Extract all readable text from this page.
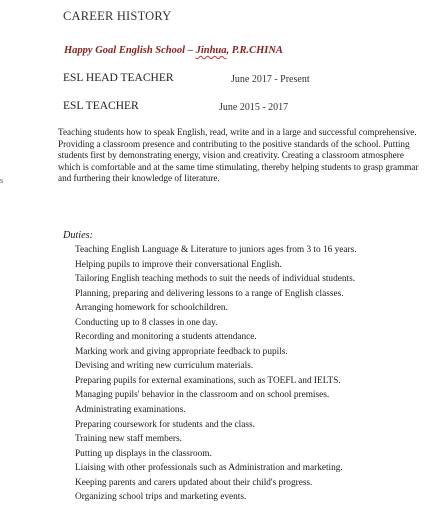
CAREER HISTORY
Happy Goal English School – Jinhua, P.R.CHINA
ESL HEAD TEACHER	June 2017 - Present
ESL TEACHER	June 2015 - 2017
s
Teaching students how to speak English, read, write and in a large and successful comprehensive. Providing a classroom presence and contributing to the positive standards of the school. Putting students first by demonstrating energy, vision and creativity. Creating a classroom atmosphere which is comfortable and at the same time stimulating, thereby helping students to grasp grammar and furthering their knowledge of literature.
Duties:
Teaching English Language & Literature to juniors ages from 3 to 16 years.
Helping pupils to improve their conversational English.
Tailoring English teaching methods to suit the needs of individual students.
Planning, preparing and delivering lessons to a range of English classes.
Arranging homework for schoolchildren.
Conducting up to 8 classes in one day.
Recording and monitoring a students attendance.
Marking work and giving appropriate feedback to pupils.
Devising and writing new curriculum materials.
Preparing pupils for external examinations, such as TOEFL and IELTS.
Managing pupils' behavior in the classroom and on school premises.
Administrating examinations.
Preparing coursework for students and the class.
Training new staff members.
Putting up displays in the classroom.
Liaising with other professionals such as Administration and marketing.
Keeping parents and carers updated about their child's progress.
Organizing school trips and marketing events.
